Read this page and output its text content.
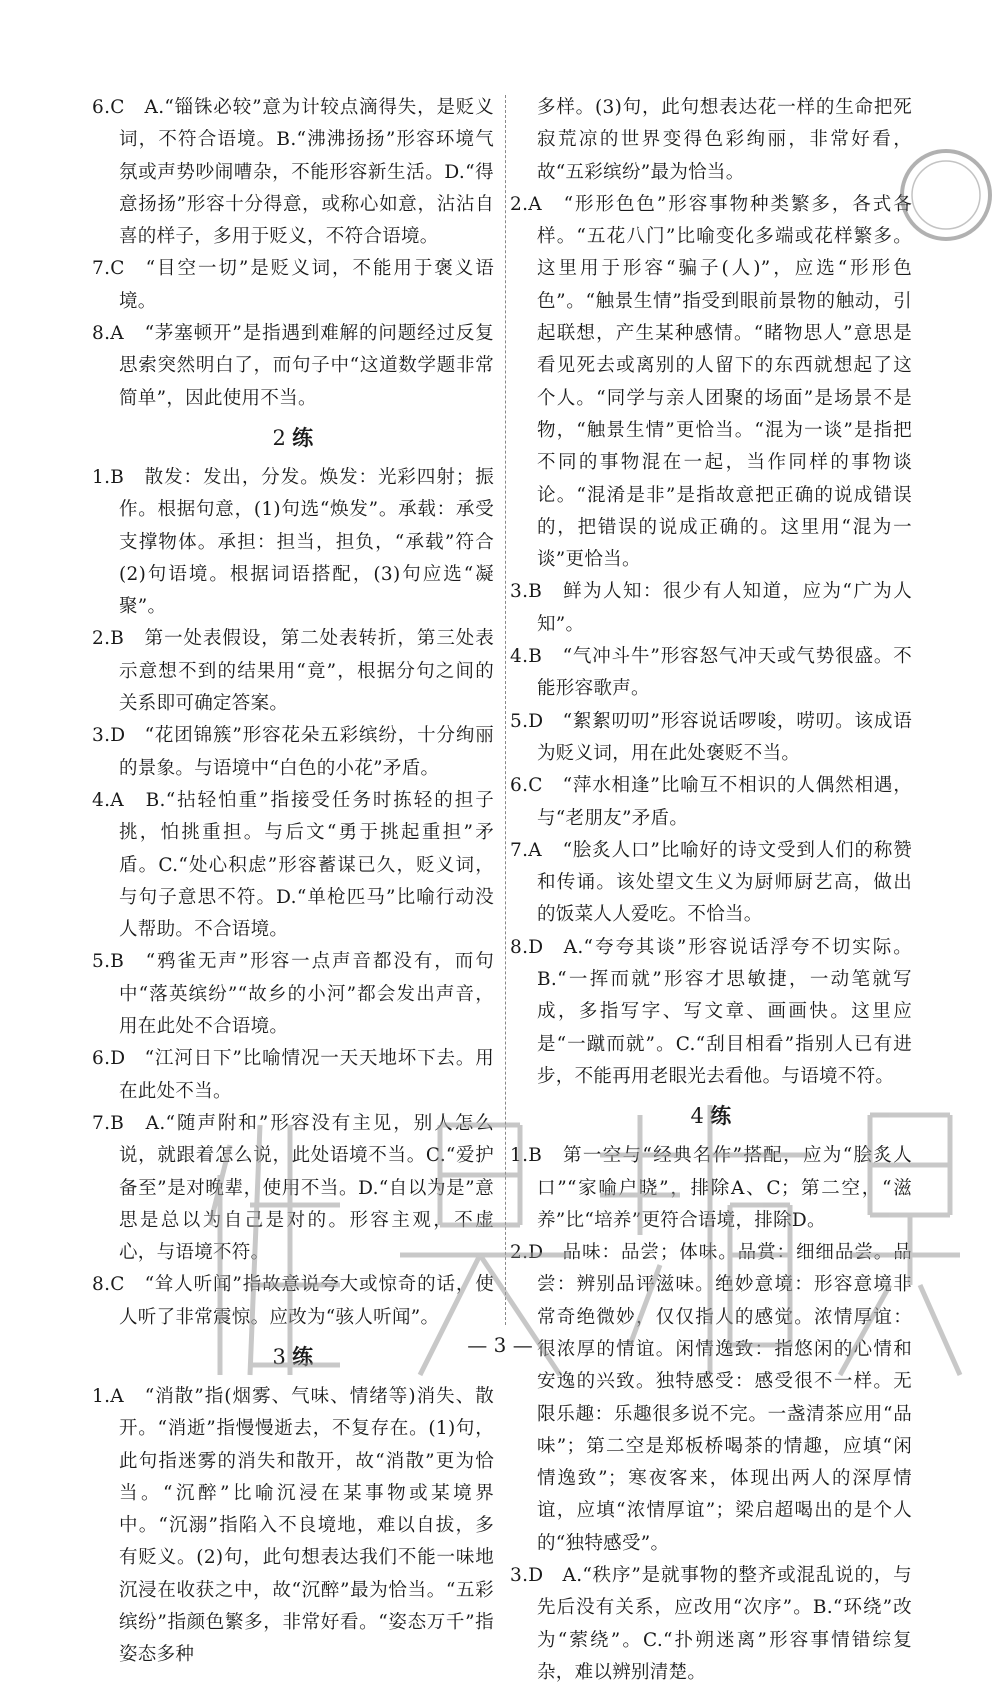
6.C
  A.“锱铢必较”意为计较点滴得失，是贬义词，不符合语境。B.“沸沸扬扬”形容环境气氛或声势吵闹嘈杂，不能形容新生活。D.“得意扬扬”形容十分得意，或称心如意，沾沾自喜的样子，多用于贬义，不符合语境。
7.C
  “目空一切”是贬义词，不能用于褒义语境。
8.A
  “茅塞顿开”是指遇到难解的问题经过反复思索突然明白了，而句子中“这道数学题非常简单”，因此使用不当。
2 练
1.B
  散发：发出，分发。焕发：光彩四射；振作。根据句意，(1)句选“焕发”。承载：承受支撑物体。承担：担当，担负，“承载”符合(2)句语境。根据词语搭配，(3)句应选“凝聚”。
2.B
  第一处表假设，第二处表转折，第三处表示意想不到的结果用“竟”，根据分句之间的关系即可确定答案。
3.D
  “花团锦簇”形容花朵五彩缤纷，十分绚丽的景象。与语境中“白色的小花”矛盾。
4.A
  B.“拈轻怕重”指接受任务时拣轻的担子挑，怕挑重担。与后文“勇于挑起重担”矛盾。C.“处心积虑”形容蓄谋已久，贬义词，与句子意思不符。D.“单枪匹马”比喻行动没人帮助。不合语境。
5.B
  “鸦雀无声”形容一点声音都没有，而句中“落英缤纷”“故乡的小河”都会发出声音，用在此处不合语境。
6.D
  “江河日下”比喻情况一天天地坏下去。用在此处不当。
7.B
  A.“随声附和”形容没有主见，别人怎么说，就跟着怎么说，此处语境不当。C.“爱护备至”是对晚辈，使用不当。D.“自以为是”意思是总以为自己是对的。形容主观，不虚心，与语境不符。
8.C
  “耸人听闻”指故意说夸大或惊奇的话，使人听了非常震惊。应改为“骇人听闻”。
3 练
1.A
  “消散”指(烟雾、气味、情绪等)消失、散开。“消逝”指慢慢逝去，不复存在。(1)句，此句指迷雾的消失和散开，故“消散”更为恰当。“沉醉”比喻沉浸在某事物或某境界中。“沉溺”指陷入不良境地，难以自拔，多有贬义。(2)句，此句想表达我们不能一味地沉浸在收获之中，故“沉醉”最为恰当。“五彩缤纷”指颜色繁多，非常好看。“姿态万千”指姿态多种
多样。(3)句，此句想表达花一样的生命把死寂荒凉的世界变得色彩绚丽，非常好看，故“五彩缤纷”最为恰当。
2.A
  “形形色色”形容事物种类繁多，各式各样。“五花八门”比喻变化多端或花样繁多。这里用于形容“骗子(人)”，应选“形形色色”。“触景生情”指受到眼前景物的触动，引起联想，产生某种感情。“睹物思人”意思是看见死去或离别的人留下的东西就想起了这个人。“同学与亲人团聚的场面”是场景不是物，“触景生情”更恰当。“混为一谈”是指把不同的事物混在一起，当作同样的事物谈论。“混淆是非”是指故意把正确的说成错误的，把错误的说成正确的。这里用“混为一谈”更恰当。
3.B
  鲜为人知：很少有人知道，应为“广为人知”。
4.B
  “气冲斗牛”形容怒气冲天或气势很盛。不能形容歌声。
5.D
  “絮絮叨叨”形容说话啰唆，唠叨。该成语为贬义词，用在此处褒贬不当。
6.C
  “萍水相逢”比喻互不相识的人偶然相遇，与“老朋友”矛盾。
7.A
  “脍炙人口”比喻好的诗文受到人们的称赞和传诵。该处望文生义为厨师厨艺高，做出的饭菜人人爱吃。不恰当。
8.D
  A.“夸夸其谈”形容说话浮夸不切实际。B.“一挥而就”形容才思敏捷，一动笔就写成，多指写字、写文章、画画快。这里应是“一蹴而就”。C.“刮目相看”指别人已有进步，不能再用老眼光去看他。与语境不符。
4 练
1.B
  第一空与“经典名作”搭配，应为“脍炙人口”“家喻户晓”，排除A、C；第二空，“滋养”比“培养”更符合语境，排除D。
2.D
  品味：品尝；体味。品赏：细细品尝。品尝：辨别品评滋味。绝妙意境：形容意境非常奇绝微妙，仅仅指人的感觉。浓情厚谊：很浓厚的情谊。闲情逸致：指悠闲的心情和安逸的兴致。独特感受：感受很不一样。无限乐趣：乐趣很多说不完。一盏清茶应用“品味”；第二空是郑板桥喝茶的情趣，应填“闲情逸致”；寒夜客来，体现出两人的深厚情谊，应填“浓情厚谊”；梁启超喝出的是个人的“独特感受”。
3.D
  A.“秩序”是就事物的整齐或混乱说的，与先后没有关系，应改用“次序”。B.“环绕”改为“萦绕”。C.“扑朔迷离”形容事情错综复杂，难以辨别清楚。
— 3 —
